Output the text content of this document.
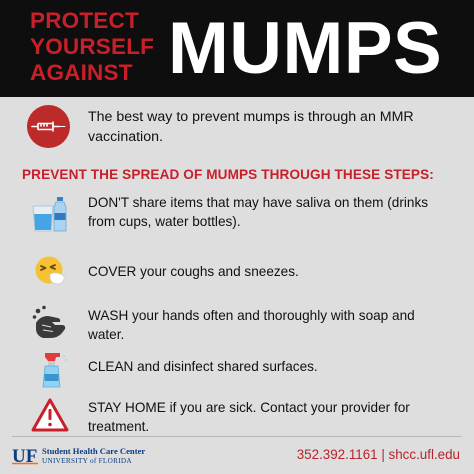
PROTECT
YOURSELF
AGAINST MUMPS
The best way to prevent mumps is through an MMR vaccination.
PREVENT THE SPREAD OF MUMPS THROUGH THESE STEPS:
DON'T share items that may have saliva on them (drinks from cups, water bottles).
COVER your coughs and sneezes.
WASH your hands often and thoroughly with soap and water.
CLEAN and disinfect shared surfaces.
STAY HOME if you are sick. Contact your provider for treatment.
UF Student Health Care Center
UNIVERSITY of FLORIDA	352.392.1161 | shcc.ufl.edu
